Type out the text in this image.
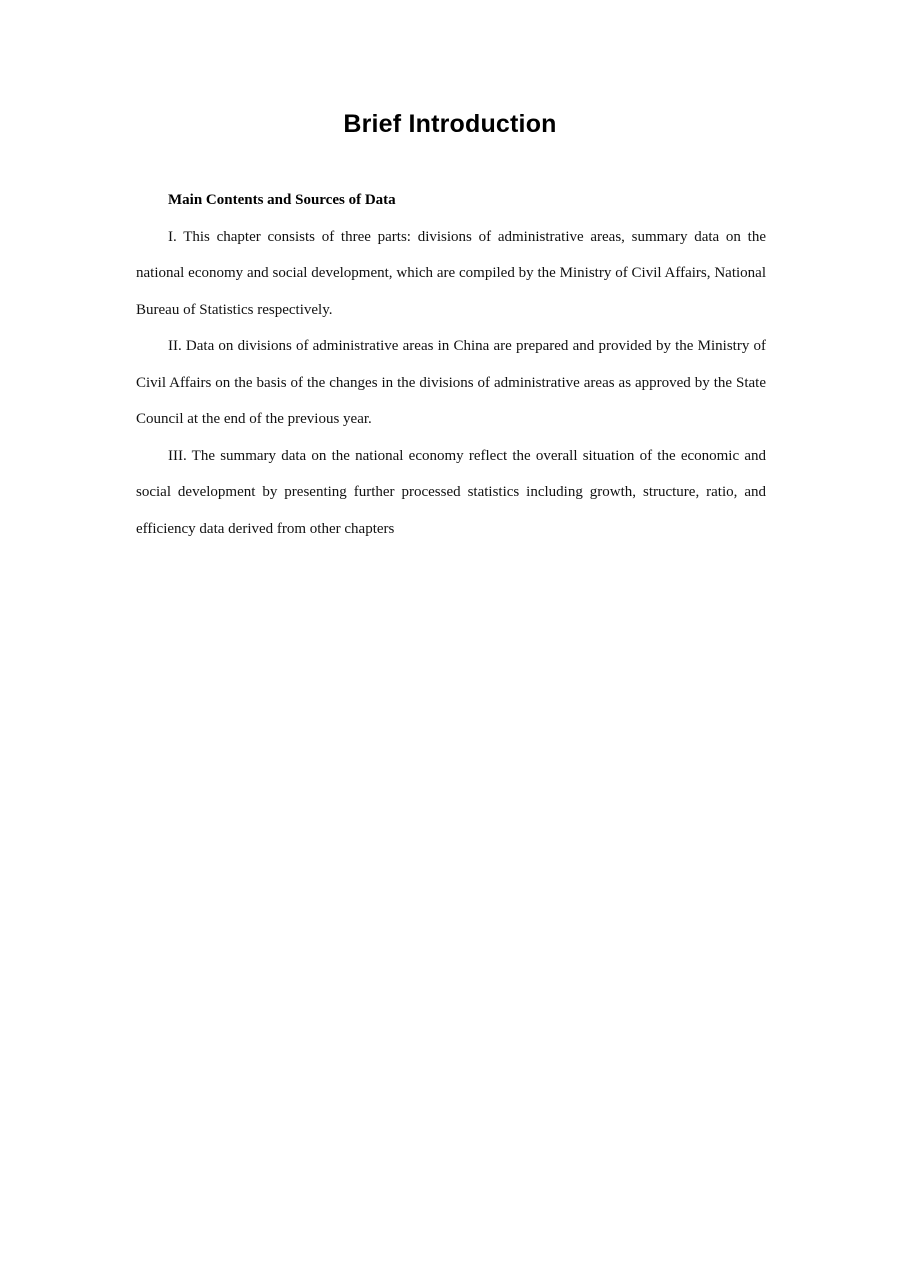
Brief Introduction

Main Contents and Sources of Data

I. This chapter consists of three parts: divisions of administrative areas, summary data on the national economy and social development, which are compiled by the Ministry of Civil Affairs, National Bureau of Statistics respectively.

II. Data on divisions of administrative areas in China are prepared and provided by the Ministry of Civil Affairs on the basis of the changes in the divisions of administrative areas as approved by the State Council at the end of the previous year.

III. The summary data on the national economy reflect the overall situation of the economic and social development by presenting further processed statistics including growth, structure, ratio, and efficiency data derived from other chapters
